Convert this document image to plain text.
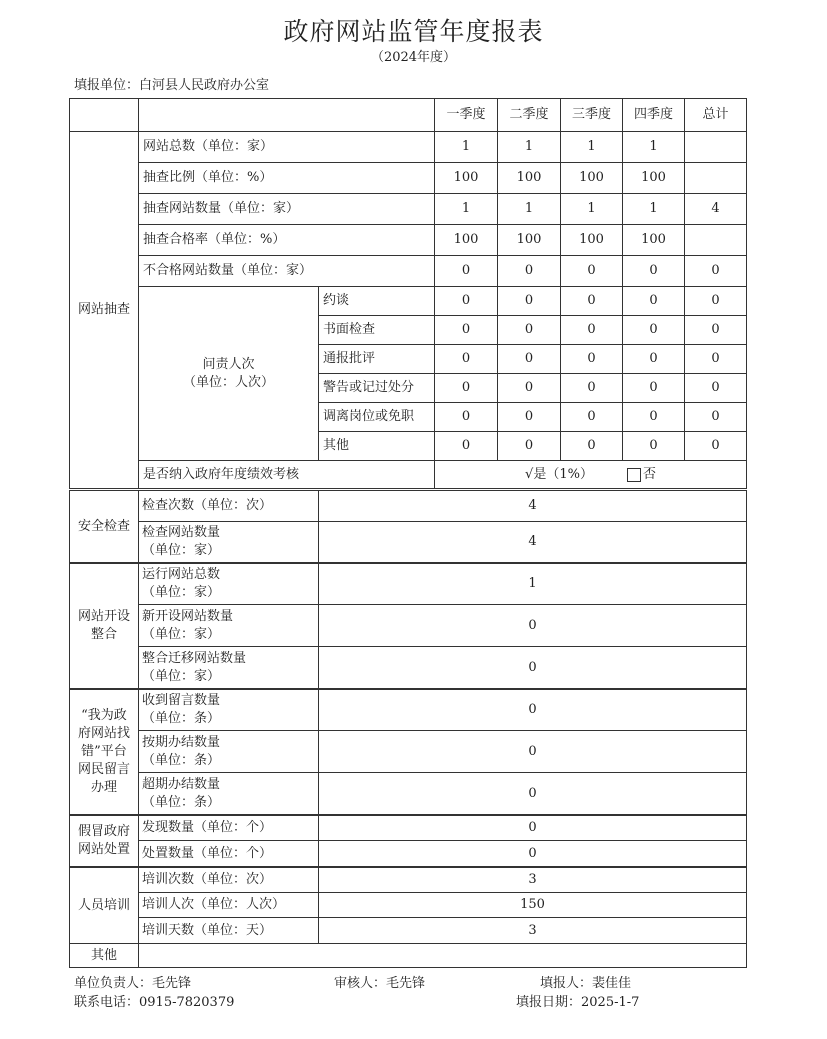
政府网站监管年度报表
（2024年度）
填报单位：白河县人民政府办公室
一季度	二季度	三季度	四季度	总计
网站抽查
网站总数（单位：家）	1	1	1	1
抽查比例（单位：%）	100	100	100	100
抽查网站数量（单位：家）	1	1	1	1	4
抽查合格率（单位：%）	100	100	100	100
不合格网站数量（单位：家）	0	0	0	0	0
问责人次
（单位：人次）
约谈	0	0	0	0	0
书面检查	0	0	0	0	0
通报批评	0	0	0	0	0
警告或记过处分	0	0	0	0	0
调离岗位或免职	0	0	0	0	0
其他	0	0	0	0	0
是否纳入政府年度绩效考核	√是（1%）	否
安全检查
检查次数（单位：次）	4
检查网站数量
（单位：家）
4
网站开设
整合
运行网站总数
（单位：家）
1
新开设网站数量
（单位：家）
0
整合迁移网站数量
（单位：家）
0
“我为政
府网站找
错”平台
网民留言
办理
收到留言数量
（单位：条）
0
按期办结数量
（单位：条）
0
超期办结数量
（单位：条）
0
假冒政府
网站处置
发现数量（单位：个）	0
处置数量（单位：个）	0
人员培训
培训次数（单位：次）	3
培训人次（单位：人次）	150
培训天数（单位：天）	3
其他
单位负责人：毛先锋	审核人：毛先锋	填报人：裴佳佳
联系电话：0915-7820379	填报日期：2025-1-7
